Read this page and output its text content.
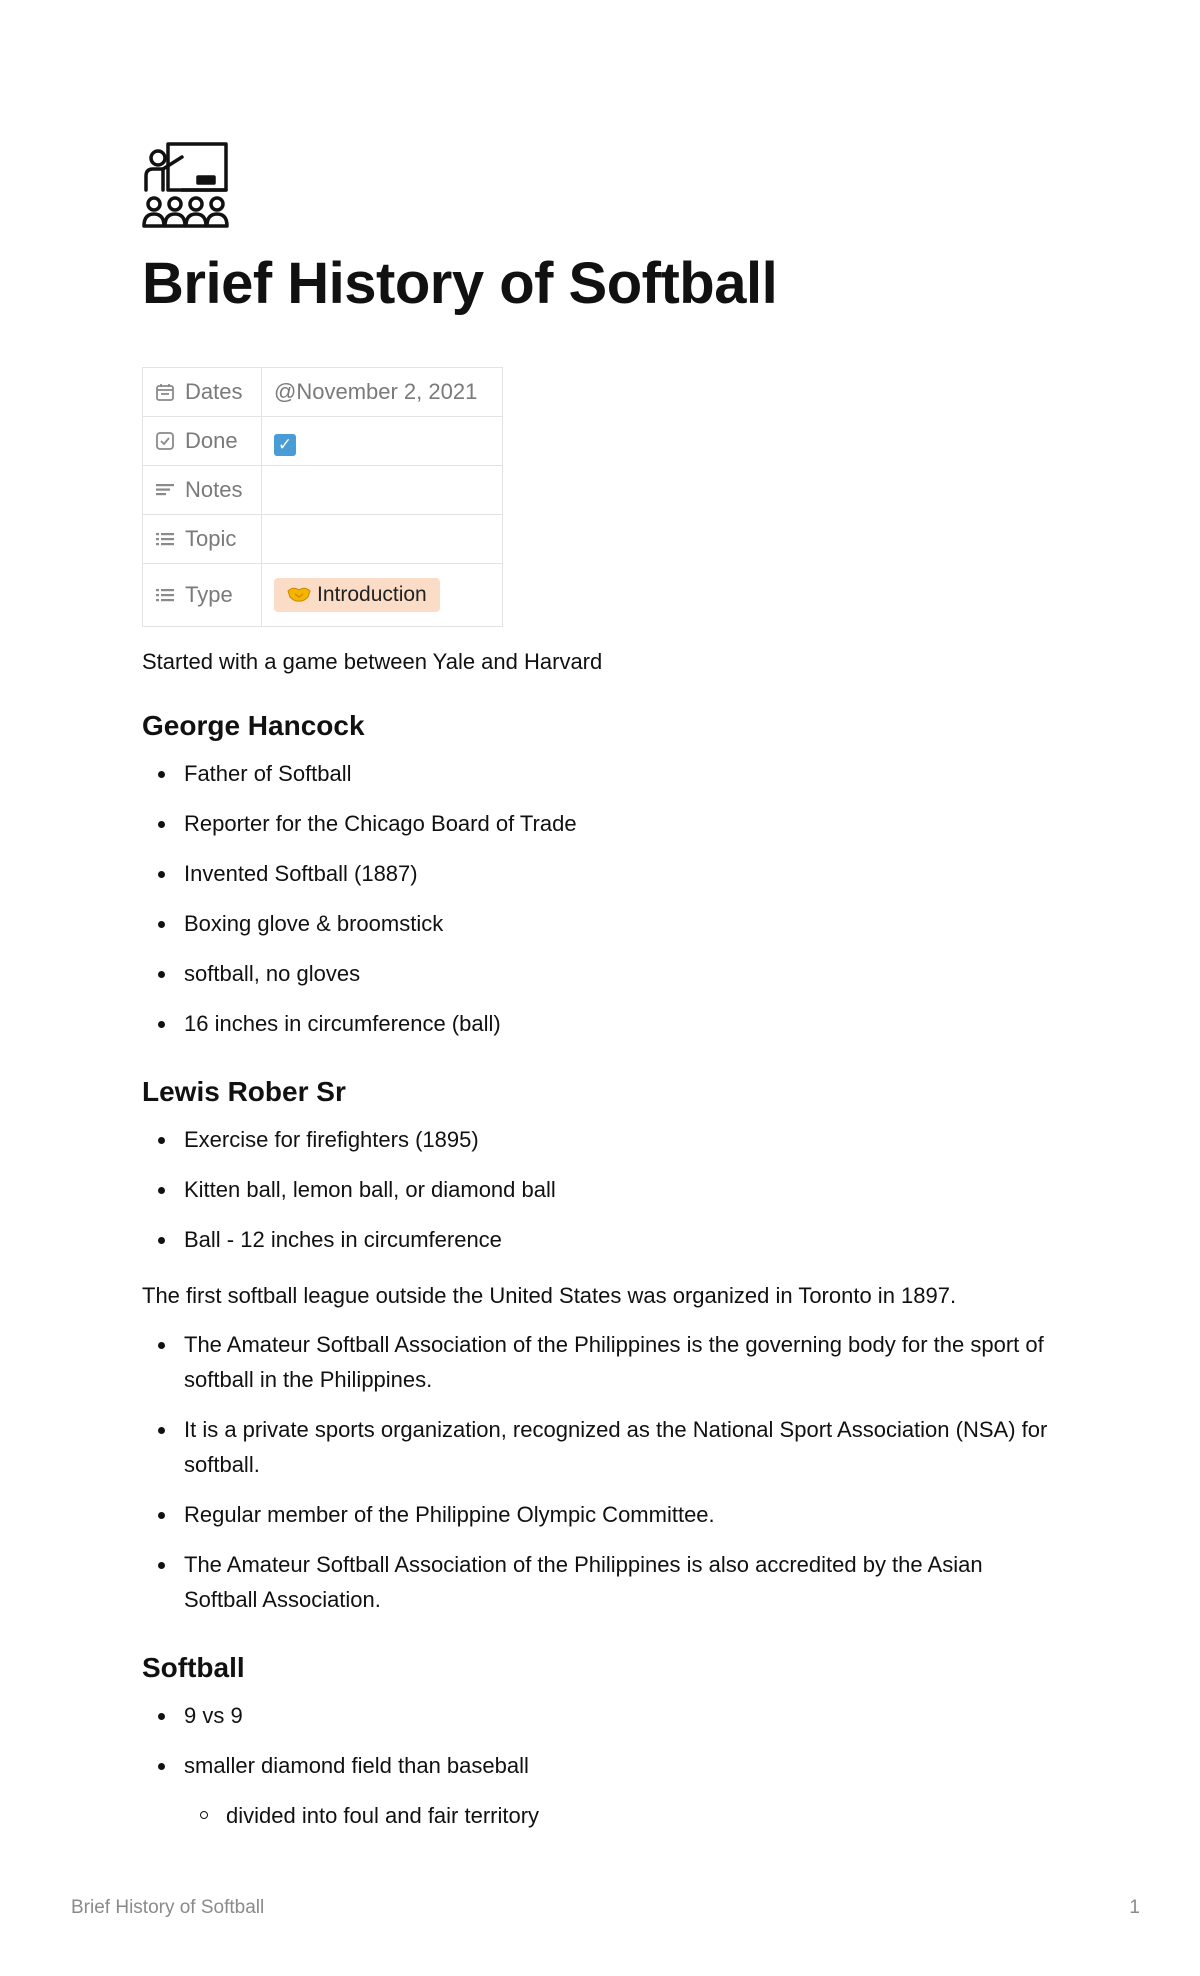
Brief History of Softball
Dates	@November 2, 2021
Done	✓
Notes	
Topic	
Type	Introduction
Started with a game between Yale and Harvard
George Hancock
Father of Softball
Reporter for the Chicago Board of Trade
Invented Softball (1887)
Boxing glove & broomstick
softball, no gloves
16 inches in circumference (ball)
Lewis Rober Sr
Exercise for firefighters (1895)
Kitten ball, lemon ball, or diamond ball
Ball - 12 inches in circumference
The first softball league outside the United States was organized in Toronto in 1897.
The Amateur Softball Association of the Philippines is the governing body for the sport of softball in the Philippines.
It is a private sports organization, recognized as the National Sport Association (NSA) for softball.
Regular member of the Philippine Olympic Committee.
The Amateur Softball Association of the Philippines is also accredited by the Asian Softball Association.
Softball
9 vs 9
smaller diamond field than baseball
divided into foul and fair territory
Brief History of Softball	1
